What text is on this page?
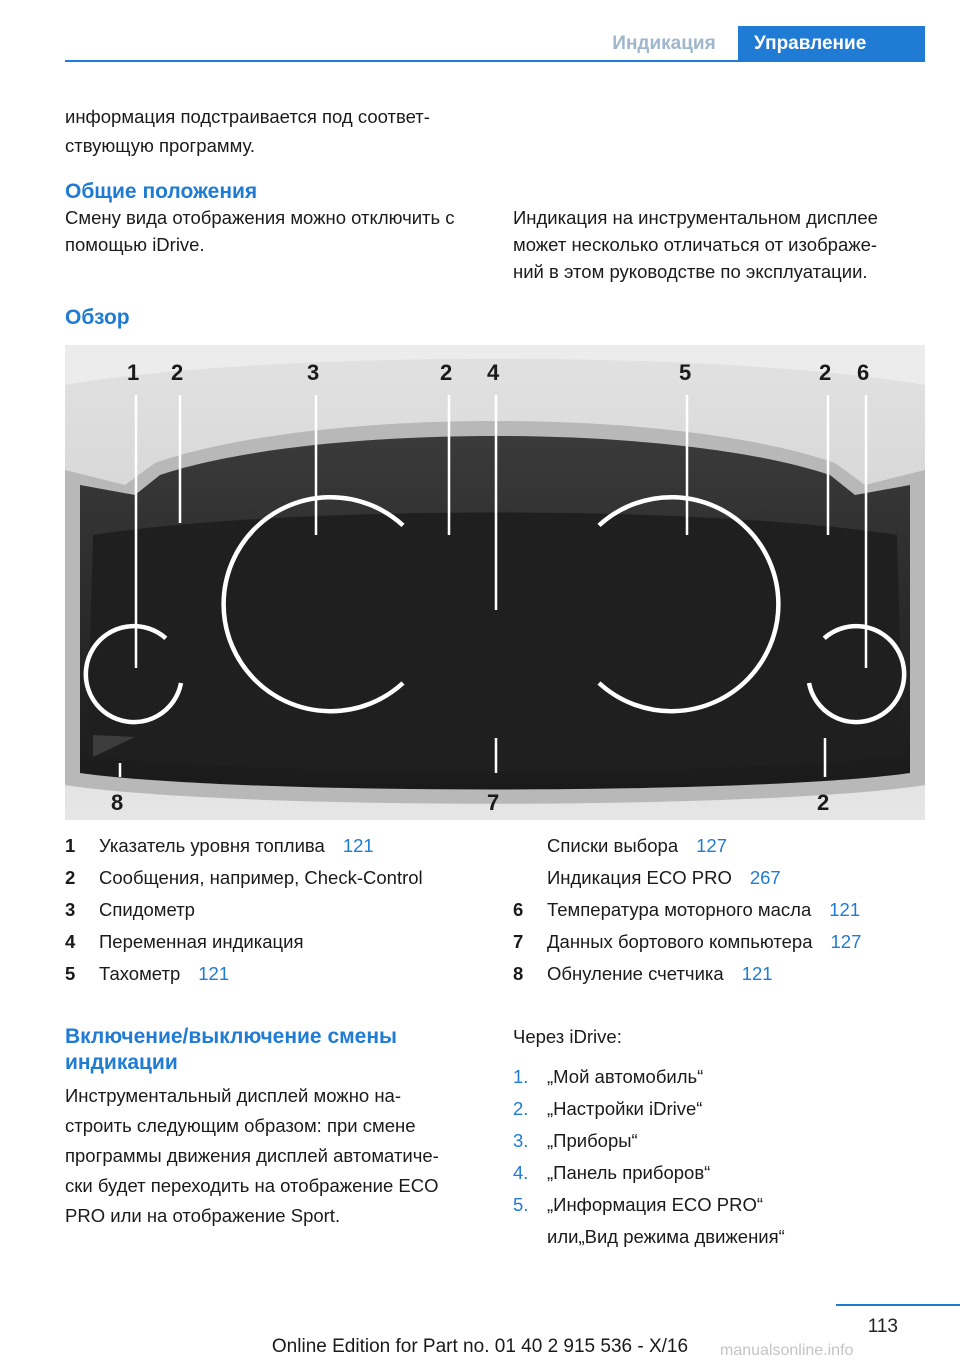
Индикация	Управление
информация подстраивается под соответ-
ствующую программу.
Общие положения
Смену вида отображения можно отключить с
помощью iDrive.
Индикация на инструментальном дисплее
может несколько отличаться от изображе-
ний в этом руководстве по эксплуатации.
Обзор
1 2	3	2 4	5	2 6
8	7	2
1	Указатель уровня топлива 121
2	Сообщения, например, Check-Control
3	Спидометр
4	Переменная индикация
5	Тахометр 121
Списки выбора 127
Индикация ECO PRO 267
6	Температура моторного масла 121
7	Данных бортового компьютера 127
8	Обнуление счетчика 121
Включение/выключение смены
индикации
Инструментальный дисплей можно на-
строить следующим образом: при смене
программы движения дисплей автоматиче-
ски будет переходить на отображение ECO
PRO или на отображение Sport.
Через iDrive:
1. „Мой автомобиль“
2. „Настройки iDrive“
3. „Приборы“
4. „Панель приборов“
5. „Информация ECO PRO“
или„Вид режима движения“
113
Online Edition for Part no. 01 40 2 915 536 - X/16	manualsonline.info
